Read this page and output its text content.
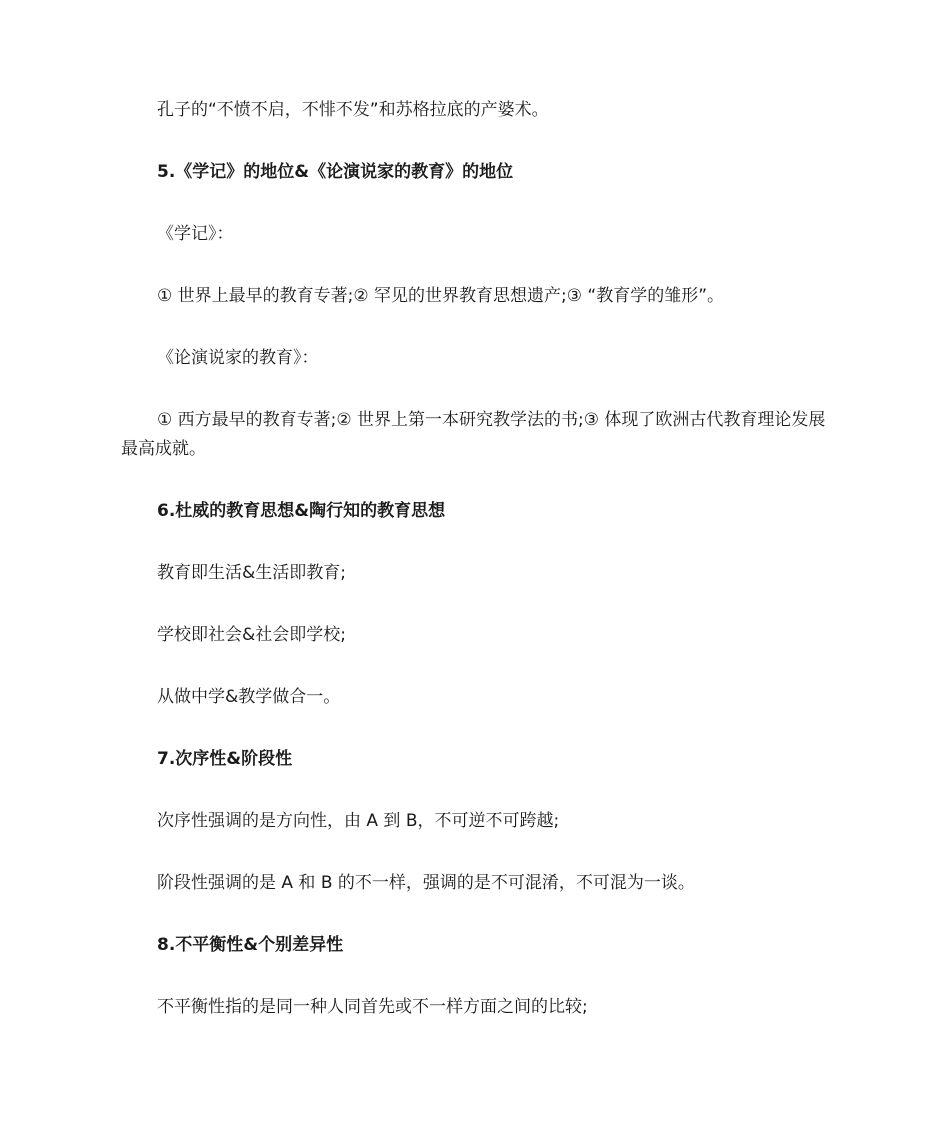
孔子的“不愤不启，不悱不发”和苏格拉底的产婆术。
5.《学记》的地位&《论演说家的教育》的地位
《学记》：
① 世界上最早的教育专著;② 罕见的世界教育思想遗产;③ “教育学的雏形”。
《论演说家的教育》：
① 西方最早的教育专著;② 世界上第一本研究教学法的书;③ 体现了欧洲古代教育理论发展最高成就。
6.杜威的教育思想&陶行知的教育思想
教育即生活&生活即教育;
学校即社会&社会即学校;
从做中学&教学做合一。
7.次序性&阶段性
次序性强调的是方向性，由 A 到 B，不可逆不可跨越;
阶段性强调的是 A 和 B 的不一样，强调的是不可混淆，不可混为一谈。
8.不平衡性&个别差异性
不平衡性指的是同一种人同首先或不一样方面之间的比较;
